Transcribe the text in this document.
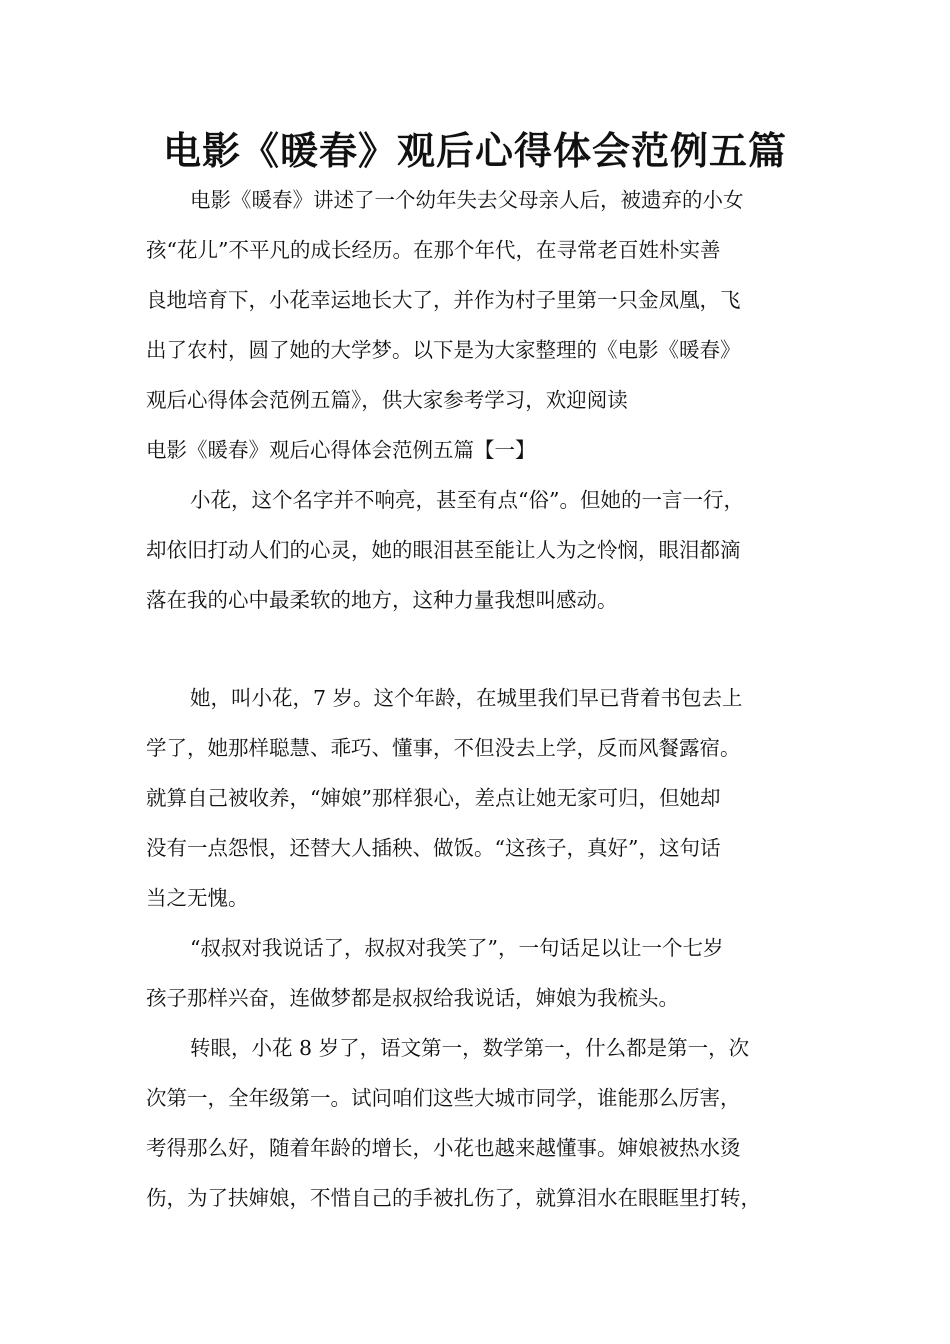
电影《暖春》观后心得体会范例五篇

电影《暖春》讲述了一个幼年失去父母亲人后，被遗弃的小女

孩“花儿”不平凡的成长经历。在那个年代，在寻常老百姓朴实善

良地培育下，小花幸运地长大了，并作为村子里第一只金凤凰，飞

出了农村，圆了她的大学梦。以下是为大家整理的《电影《暖春》

观后心得体会范例五篇》，供大家参考学习，欢迎阅读

电影《暖春》观后心得体会范例五篇【一】

小花，这个名字并不响亮，甚至有点“俗”。但她的一言一行，

却依旧打动人们的心灵，她的眼泪甚至能让人为之怜悯，眼泪都滴

落在我的心中最柔软的地方，这种力量我想叫感动。

她，叫小花，7 岁。这个年龄，在城里我们早已背着书包去上

学了，她那样聪慧、乖巧、懂事，不但没去上学，反而风餐露宿。

就算自己被收养，“婶娘”那样狠心，差点让她无家可归，但她却

没有一点怨恨，还替大人插秧、做饭。“这孩子，真好”，这句话

当之无愧。

“叔叔对我说话了，叔叔对我笑了”，一句话足以让一个七岁

孩子那样兴奋，连做梦都是叔叔给我说话，婶娘为我梳头。

转眼，小花 8 岁了，语文第一，数学第一，什么都是第一，次

次第一，全年级第一。试问咱们这些大城市同学，谁能那么厉害，

考得那么好，随着年龄的增长，小花也越来越懂事。婶娘被热水烫

伤，为了扶婶娘，不惜自己的手被扎伤了，就算泪水在眼眶里打转，
